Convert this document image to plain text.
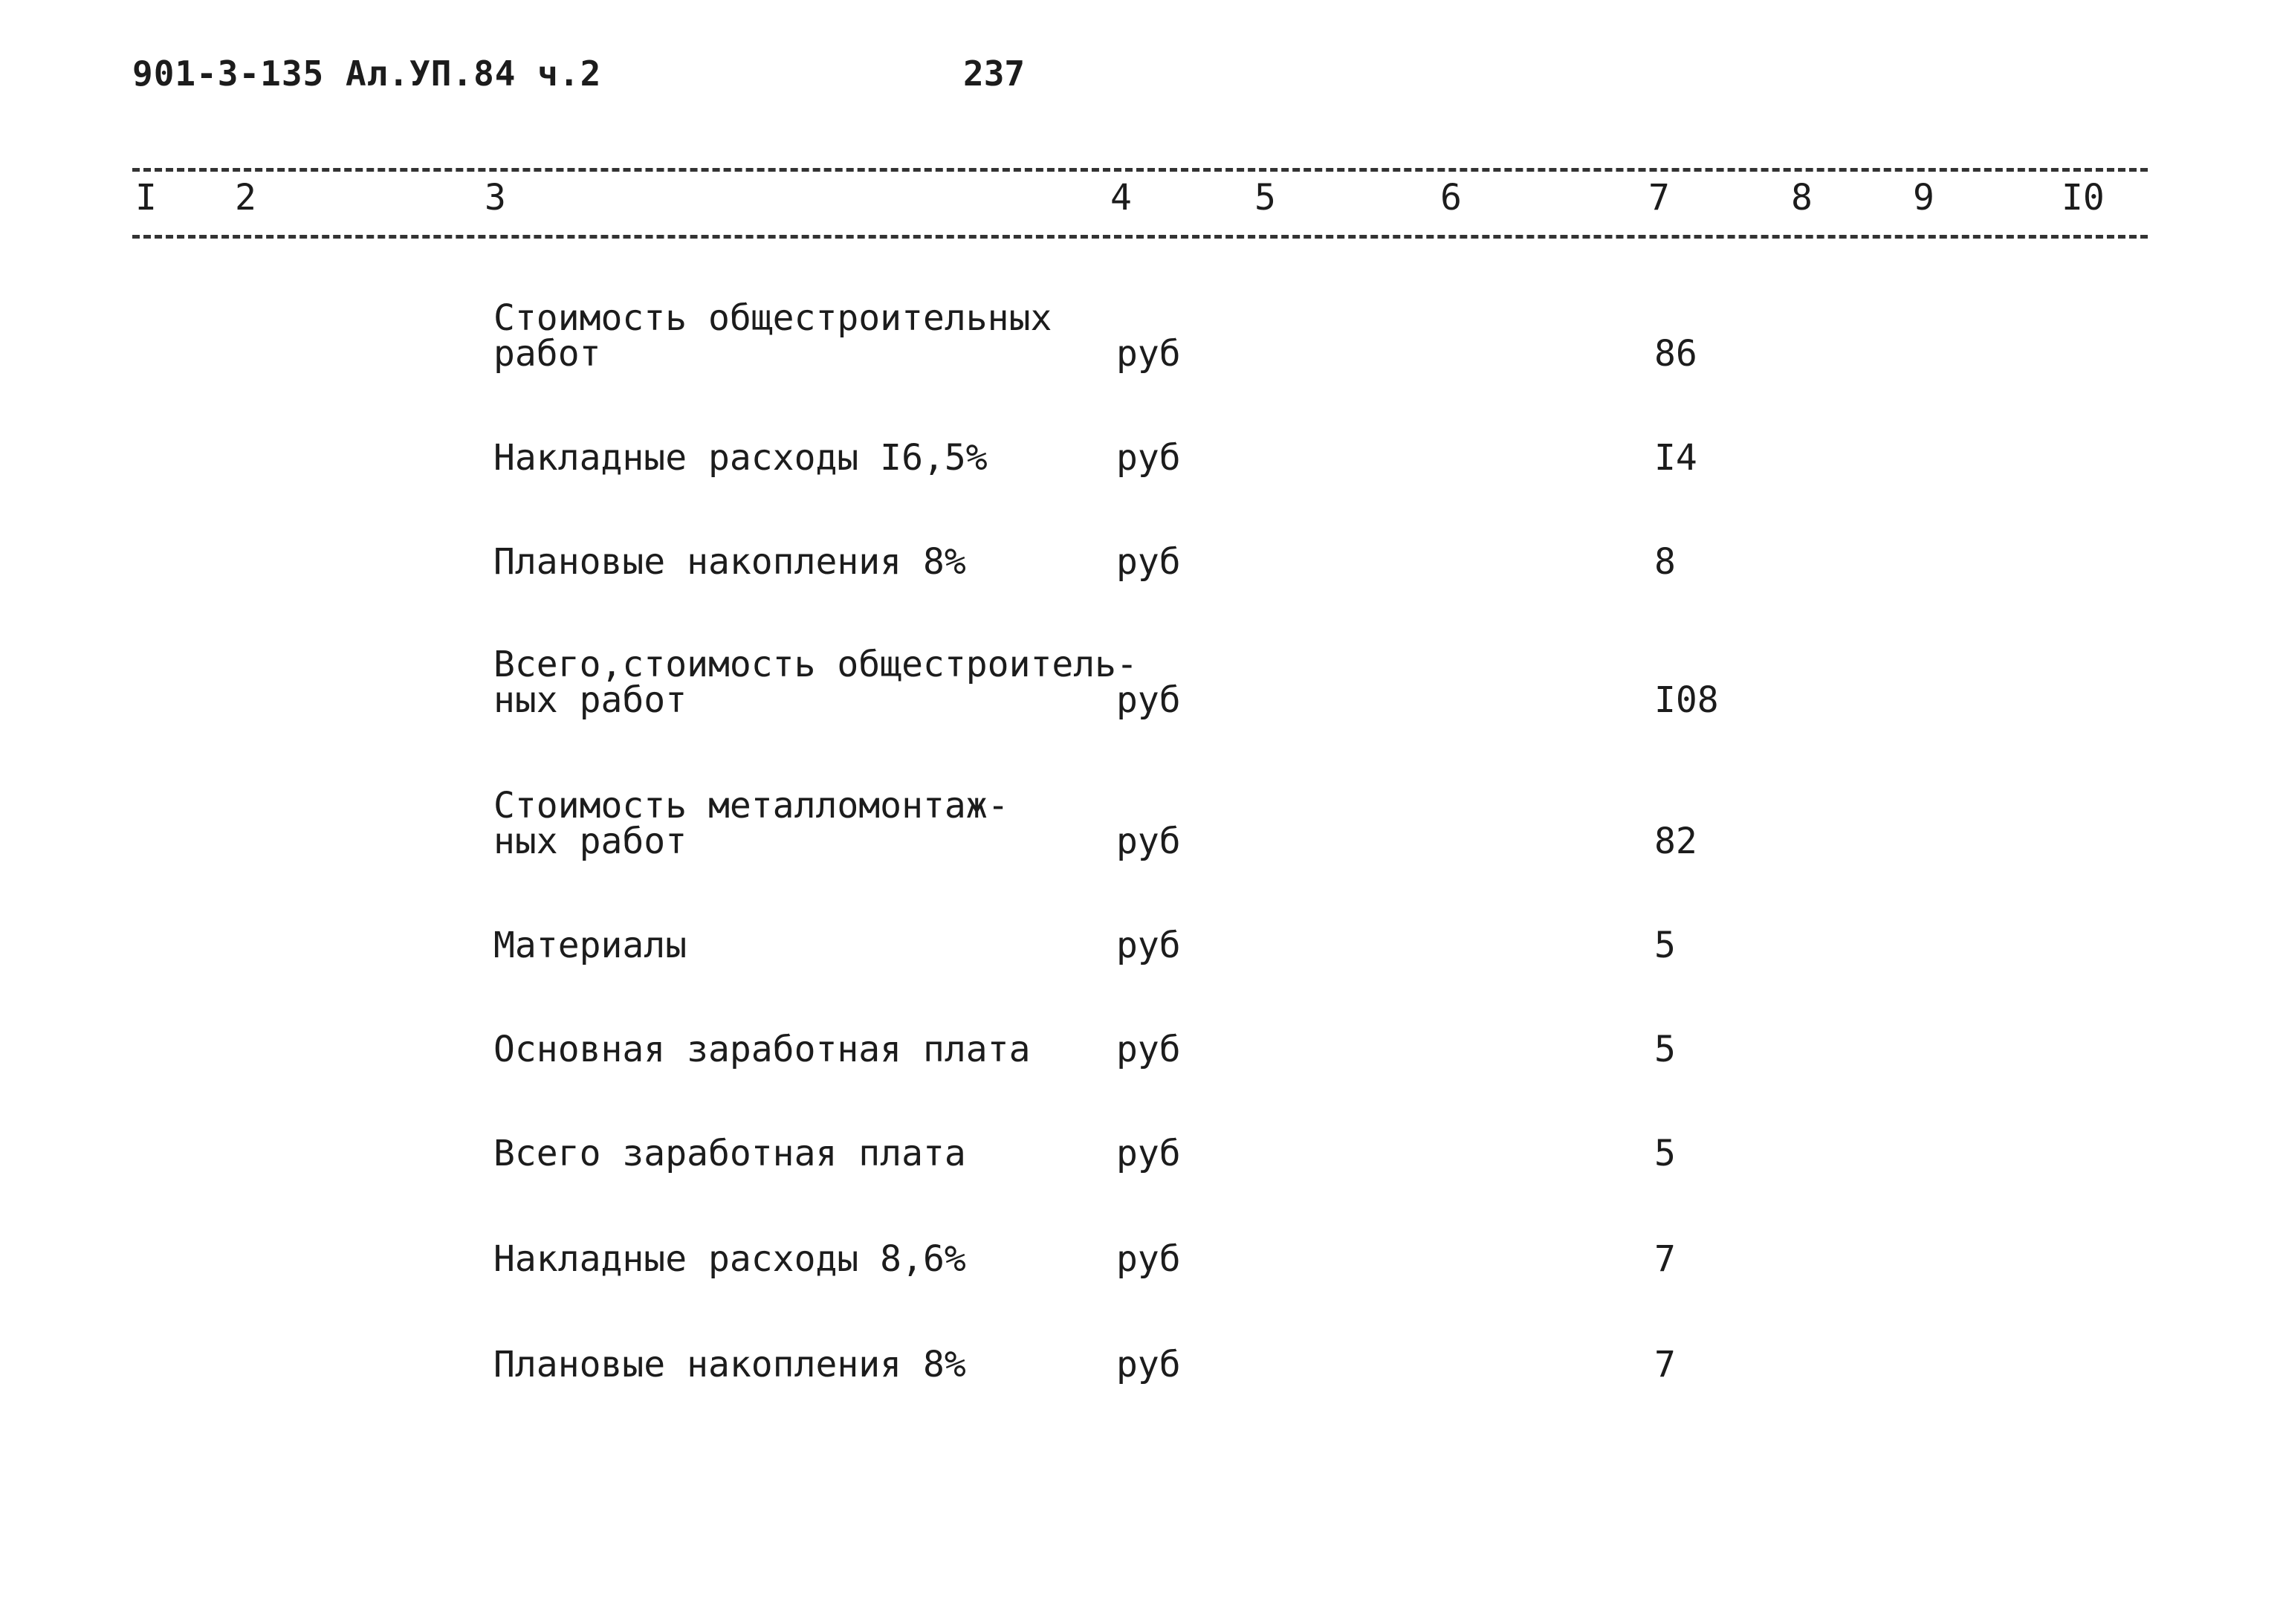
901-3-135 Ал.УП.84 ч.2	237
I 2	3	4	5	6	7	8	9	I0
Стоимость общестроительных
работ	руб	86
Накладные расходы I6,5%	руб	I4
Плановые накопления 8%	руб	8
Всего,стоимость общестроитель-
ных работ	руб	I08
Стоимость металломонтаж-
ных работ	руб	82
Материалы	руб	5
Основная заработная плата руб	5
Всего заработная плата	руб	5
Накладные расходы 8,6%	руб	7
Плановые накопления 8%	руб	7
